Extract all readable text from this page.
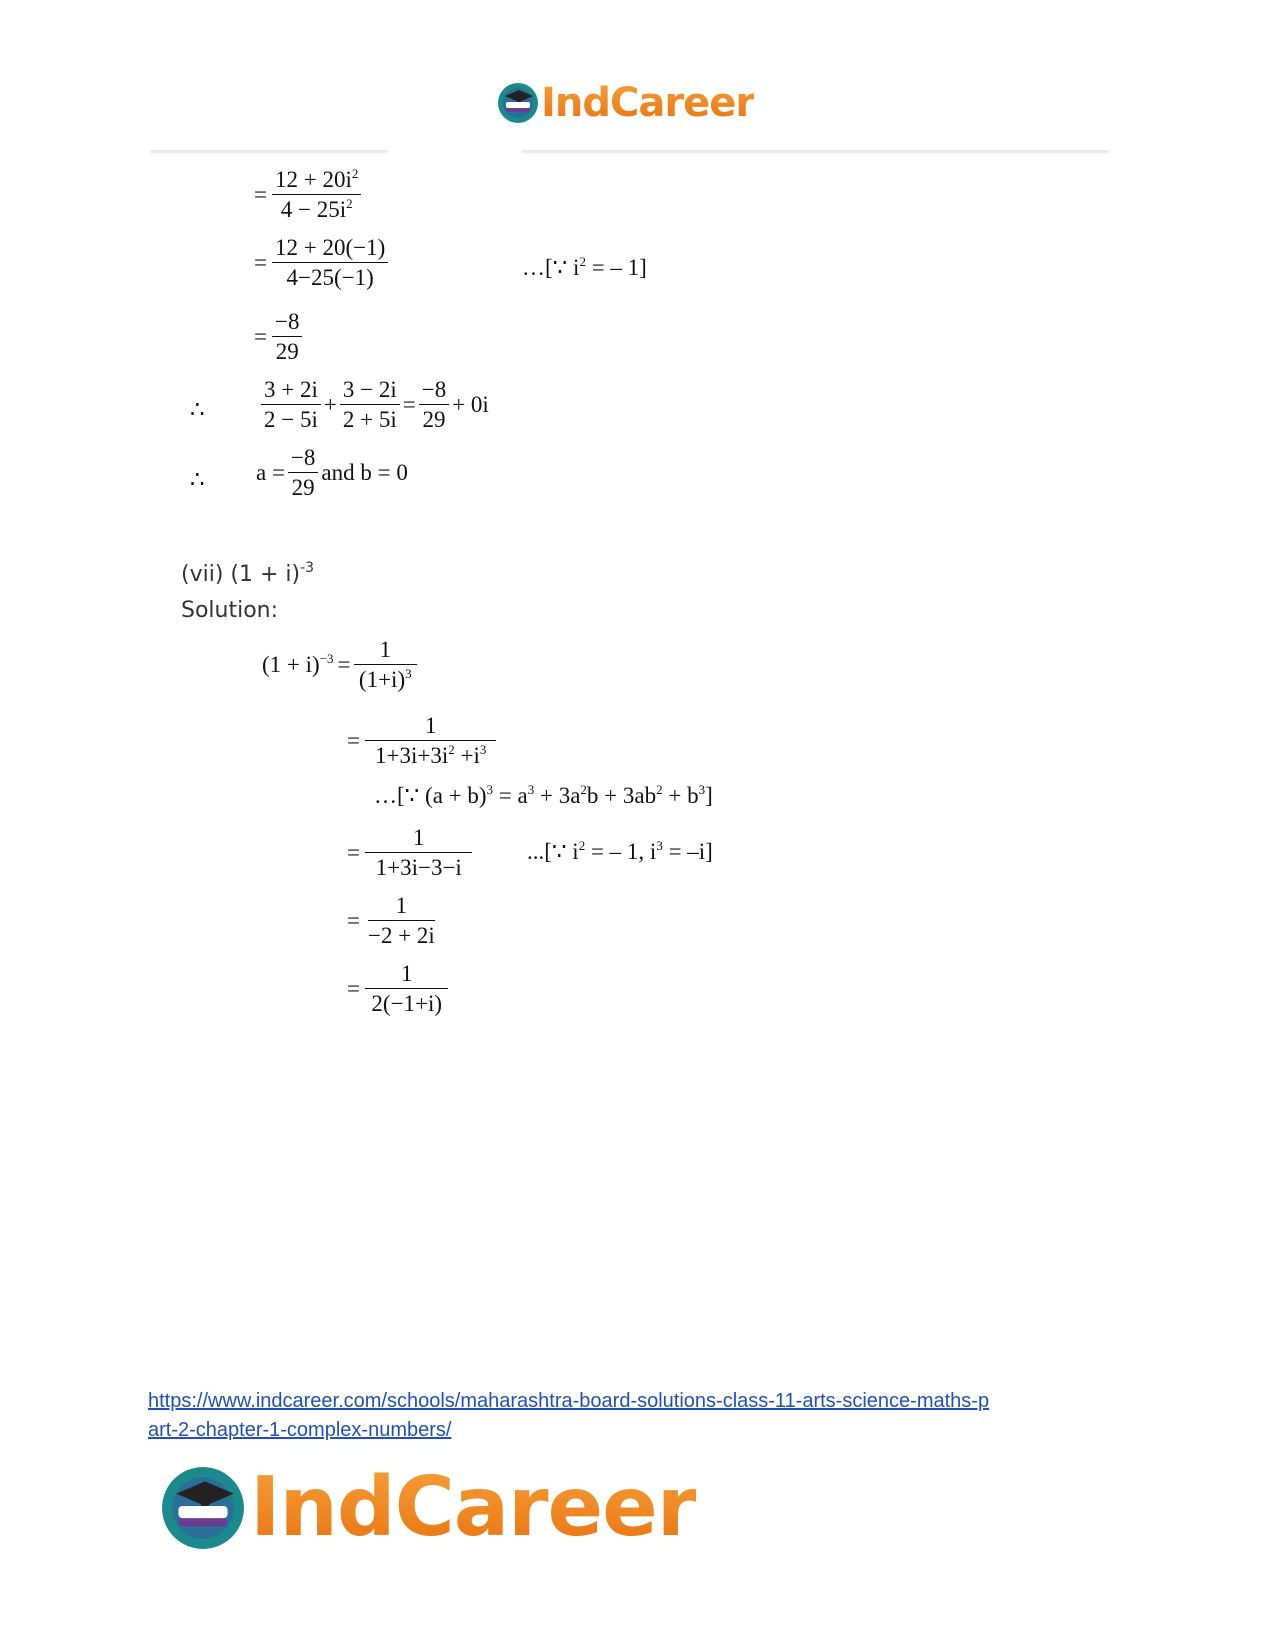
IndCareer
= $\frac{12 + 20i^2}{4 - 25i^2}$
= $\frac{12 + 20(-1)}{4-25(-1)}$	…[∵ $i^2$ = – 1]
= $\frac{-8}{29}$
∴ $\frac{3 + 2i}{2 - 5i} + \frac{3 - 2i}{2 + 5i} = \frac{-8}{29} + 0i$
∴ $a = \frac{-8}{29}$ and b = 0
(vii) $(1 + i)^{-3}$
Solution:
$(1 + i)^{-3} = \frac{1}{(1+i)^3}$
= $\frac{1}{1+3i+3i^2 +i^3}$
…[∵ $(a + b)^3 = a^3 + 3a^2b + 3ab^2 + b^3$]
= $\frac{1}{1+3i-3-i}$ ...[∵ $i^2$ = – 1, $i^3 = -i$]
= $\frac{1}{-2 + 2i}$
= $\frac{1}{2(-1+i)}$
https://www.indcareer.com/schools/maharashtra-board-solutions-class-11-arts-science-maths-p
art-2-chapter-1-complex-numbers/
IndCareer
